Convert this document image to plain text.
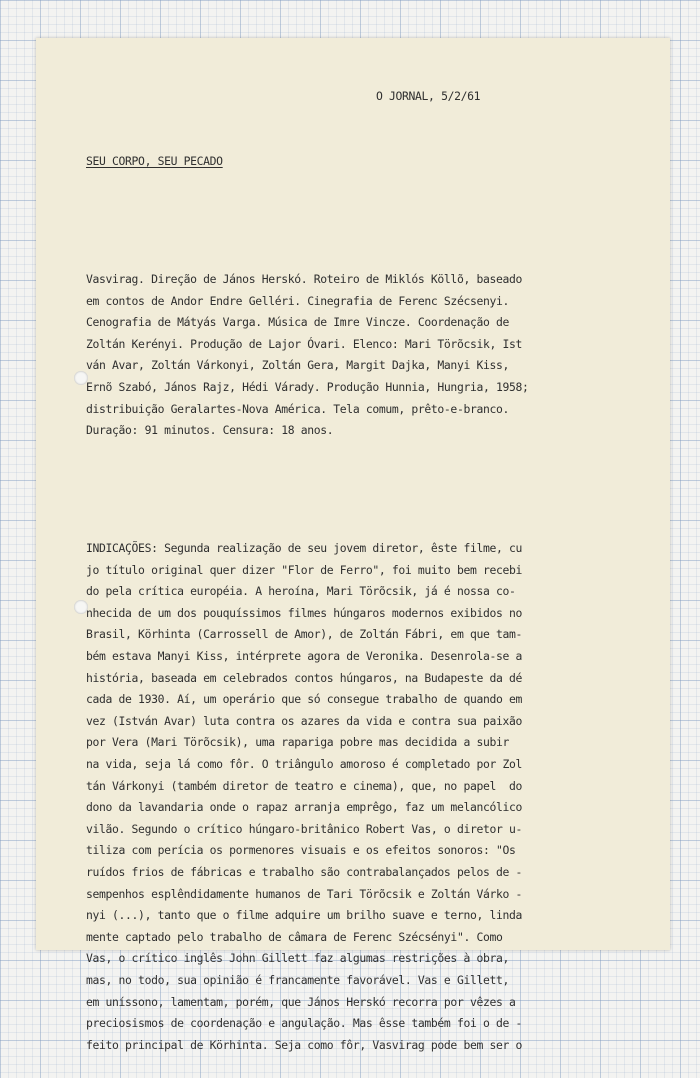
O JORNAL, 5/2/61

SEU CORPO, SEU PECADO

Vasvirag. Direção de János Herskó. Roteiro de Miklós Köllõ, baseado
em contos de Andor Endre Gelléri. Cinegrafia de Ferenc Szécsenyi.
Cenografia de Mátyás Varga. Música de Imre Vincze. Coordenação de
Zoltán Kerényi. Produção de Lajor Óvari. Elenco: Mari Törõcsik, Ist
ván Avar, Zoltán Várkonyi, Zoltán Gera, Margit Dajka, Manyi Kiss,
Ernõ Szabó, János Rajz, Hédi Várady. Produção Hunnia, Hungria, 1958;
distribuição Geralartes-Nova América. Tela comum, prêto-e-branco.
Duração: 91 minutos. Censura: 18 anos.

INDICAÇÕES: Segunda realização de seu jovem diretor, êste filme, cu
jo título original quer dizer "Flor de Ferro", foi muito bem recebi
do pela crítica européia. A heroína, Mari Törõcsik, já é nossa co-
nhecida de um dos pouquíssimos filmes húngaros modernos exibidos no
Brasil, Körhinta (Carrossell de Amor), de Zoltán Fábri, em que tam-
bém estava Manyi Kiss, intérprete agora de Veronika. Desenrola-se a
história, baseada em celebrados contos húngaros, na Budapeste da dé
cada de 1930. Aí, um operário que só consegue trabalho de quando em
vez (István Avar) luta contra os azares da vida e contra sua paixão
por Vera (Mari Törõcsik), uma rapariga pobre mas decidida a subir
na vida, seja lá como fôr. O triângulo amoroso é completado por Zol
tán Várkonyi (também diretor de teatro e cinema), que, no papel  do
dono da lavandaria onde o rapaz arranja emprêgo, faz um melancólico
vilão. Segundo o crítico húngaro-britânico Robert Vas, o diretor u-
tiliza com perícia os pormenores visuais e os efeitos sonoros: "Os
ruídos frios de fábricas e trabalho são contrabalançados pelos de -
sempenhos esplêndidamente humanos de Tari Törõcsik e Zoltán Várko -
nyi (...), tanto que o filme adquire um brilho suave e terno, linda
mente captado pelo trabalho de câmara de Ferenc Szécsényi". Como
Vas, o crítico inglês John Gillett faz algumas restrições à obra,
mas, no todo, sua opinião é francamente favorável. Vas e Gillett,
em uníssono, lamentam, porém, que János Herskó recorra por vêzes a
preciosismos de coordenação e angulação. Mas êsse também foi o de -
feito principal de Körhinta. Seja como fôr, Vasvirag pode bem ser o
